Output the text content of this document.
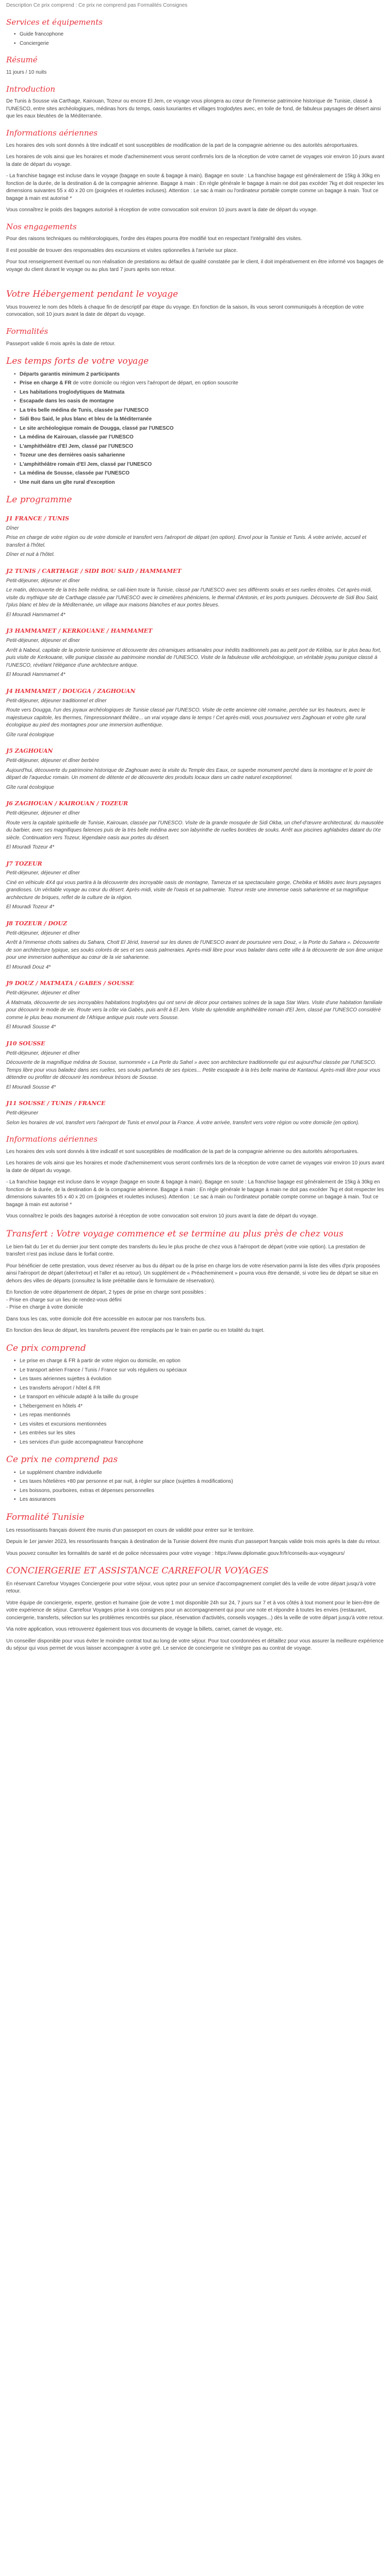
Description Ce prix comprend : Ce prix ne comprend pas Formalités Consignes

Services et équipements
• Guide francophone
• Conciergerie
Résumé

11 jours / 10 nuits

Introduction

De Tunis à Sousse via Carthage, Kairouan, Tozeur ou encore El Jem, ce voyage vous plongera au cœur de l'immense patrimoine historique de Tunisie, classé à l'UNESCO, entre sites archéologiques, médinas hors du temps, oasis luxuriantes et villages troglodytes avec, en toile de fond, de fabuleux paysages de désert ainsi que les eaux bleutées de la Méditerranée.

Informations aériennes

Les horaires des vols sont donnés à titre indicatif et sont susceptibles de modification de la part de la compagnie aérienne ou des autorités aéroportuaires.

Les horaires de vols ainsi que les horaires et mode d'acheminement vous seront confirmés lors de la réception de votre carnet de voyages voir environ 10 jours avant la date de départ du voyage.

- La franchise bagage est incluse dans le voyage (bagage en soute & bagage à main). Bagage en soute : La franchise bagage est généralement de 15kg à 30kg en fonction de la durée, de la destination & de la compagnie aérienne. Bagage à main : En règle générale le bagage à main ne doit pas excéder 7kg et doit respecter les dimensions suivantes 55 x 40 x 20 cm (poignées et roulettes incluses). Attention : Le sac à main ou l'ordinateur portable compte comme un bagage à main. Tout ce bagage à main est autorisé *

Vous connaîtrez le poids des bagages autorisé à réception de votre convocation soit environ 10 jours avant la date de départ du voyage.

Nos engagements

Pour des raisons techniques ou météorologiques, l'ordre des étapes pourra être modifié tout en respectant l'intégralité des visites.

Il est possible de trouver des responsables des excursions et visites optionnelles à l'arrivée sur place.

Pour tout renseignement éventuel ou non réalisation de prestations au défaut de qualité constatée par le client, il doit impérativement en être informé vos bagages de voyage du client durant le voyage ou au plus tard 7 jours après son retour.

Votre Hébergement pendant le voyage

Vous trouverez le nom des hôtels à chaque fin de descriptif par étape du voyage. En fonction de la saison, ils vous seront communiqués à réception de votre convocation, soit 10 jours avant la date de départ du voyage.

Formalités

Passeport valide 6 mois après la date de retour.

Les temps forts de votre voyage
• Départs garantis minimum 2 participants
• Prise en charge & FR de votre domicile ou région vers l'aéroport de départ, en option souscrite
• Les habitations troglodytiques de Matmata
• Escapade dans les oasis de montagne
• La très belle médina de Tunis, classée par l'UNESCO
• Sidi Bou Said, le plus blanc et bleu de la Méditerranée
• Le site archéologique romain de Dougga, classé par l'UNESCO
• La médina de Kairouan, classée par l'UNESCO
• L'amphithéâtre d'El Jem, classé par l'UNESCO
• Tozeur une des dernières oasis saharienne
• L'amphithéâtre romain d'El Jem, classé par l'UNESCO
• La médina de Sousse, classée par l'UNESCO
• Une nuit dans un gîte rural d'exception
Le programme
J1 FRANCE / TUNIS

Dîner

Prise en charge de votre région ou de votre domicile et transfert vers l'aéroport de départ (en option). Envol pour la Tunisie et Tunis. À votre arrivée, accueil et transfert à l'hôtel.

Dîner et nuit à l'hôtel.

J2 TUNIS / CARTHAGE / SIDI BOU SAID / HAMMAMET

Petit-déjeuner, déjeuner et dîner

Le matin, découverte de la très belle médina, se cali-bien toute la Tunisie, classé par l'UNESCO avec ses différents souks et ses ruelles étroites. Cet après-midi, visite du mythique site de Carthage classée par l'UNESCO avec le cimetières phéniciens, le thermal d'Antonin, et les ports puniques. Découverte de Sidi Bou Saïd, l'plus blanc et bleu de la Méditerranée, un village aux maisons blanches et aux portes bleues.

El Mouradi Hammamet 4*

J3 HAMMAMET / KERKOUANE / HAMMAMET

Petit-déjeuner, déjeuner et dîner

Arrêt à Nabeul, capitale de la poterie tunisienne et découverte des céramiques artisanales pour inédits traditionnels pas au petit port de Kélibia, sur le plus beau fort, puis visite de Kerkouane, ville punique classée au patrimoine mondial de l'UNESCO. Visite de la fabuleuse ville archéologique, un véritable joyau punique classé à l'UNESCO, révélant l'élégance d'une architecture antique.

El Mouradi Hammamet 4*

J4 HAMMAMET / DOUGGA / ZAGHOUAN

Petit-déjeuner, déjeuner traditionnel et dîner

Route vers Dougga, l'un des joyaux archéologiques de Tunisie classé par l'UNESCO. Visite de cette ancienne cité romaine, perchée sur les hauteurs, avec le majestueux capitole, les thermes, l'impressionnant théâtre... un vrai voyage dans le temps ! Cet après-midi, vous poursuivez vers Zaghouan et votre gîte rural écologique au pied des montagnes pour une immersion authentique.

Gîte rural écologique

J5 ZAGHOUAN

Petit-déjeuner, déjeuner et dîner berbère

Aujourd'hui, découverte du patrimoine historique de Zaghouan avec la visite du Temple des Eaux, ce superbe monument perché dans la montagne et le point de départ de l'aqueduc romain. Un moment de détente et de découverte des produits locaux dans un cadre naturel exceptionnel.

Gîte rural écologique

J6 ZAGHOUAN / KAIROUAN / TOZEUR

Petit-déjeuner, déjeuner et dîner

Route vers la capitale spirituelle de Tunisie, Kairouan, classée par l'UNESCO. Visite de la grande mosquée de Sidi Okba, un chef-d'œuvre architectural, du mausolée du barbier, avec ses magnifiques faïences puis de la très belle médina avec son labyrinthe de ruelles bordées de souks. Arrêt aux piscines aghlabides datant du IXe siècle. Continuation vers Tozeur, légendaire oasis aux portes du désert.

El Mouradi Tozeur 4*

J7 TOZEUR

Petit-déjeuner, déjeuner et dîner

Ciné en véhicule 4X4 qui vous partira à la découverte des incroyable oasis de montagne, Tamerza et sa spectaculaire gorge, Chebika et Midès avec leurs paysages grandioses. Un véritable voyage au cœur du désert. Après-midi, visite de l'oasis et sa palmeraie. Tozeur reste une immense oasis saharienne et sa magnifique architecture de briques, reflet de la culture de la région.

El Mouradi Tozeur 4*

J8 TOZEUR / DOUZ

Petit-déjeuner, déjeuner et dîner

Arrêt à l'immense chotts salines du Sahara, Chott El Jérid, traversé sur les dunes de l'UNESCO avant de poursuivre vers Douz, « la Porte du Sahara ». Découverte de son architecture typique, ses souks colorés de ses et ses oasis palmeraies. Après-midi libre pour vous balader dans cette ville à la découverte de son âme unique pour une immersion authentique au cœur de la vie saharienne.

El Mouradi Douz 4*

J9 DOUZ / MATMATA / GABES / SOUSSE

Petit-déjeuner, déjeuner et dîner

À Matmata, découverte de ses incroyables habitations troglodytes qui ont servi de décor pour certaines scènes de la saga Star Wars. Visite d'une habitation familiale pour découvrir le mode de vie. Route vers la côte via Gabès, puis arrêt à El Jem. Visite du splendide amphithéâtre romain d'El Jem, classé par l'UNESCO considéré comme le plus beau monument de l'Afrique antique puis route vers Sousse.

El Mouradi Sousse 4*

J10 SOUSSE

Petit-déjeuner, déjeuner et dîner

Découverte de la magnifique médina de Sousse, surnommée « La Perle du Sahel » avec son architecture traditionnelle qui est aujourd'hui classée par l'UNESCO. Temps libre pour vous baladez dans ses ruelles, ses souks parfumés de ses épices... Petite escapade à la très belle marina de Kantaoui. Après-midi libre pour vous détendre ou profiter de découvrir les nombreux trésors de Sousse.

El Mouradi Sousse 4*

J11 SOUSSE / TUNIS / FRANCE

Petit-déjeuner

Selon les horaires de vol, transfert vers l'aéroport de Tunis et envol pour la France. À votre arrivée, transfert vers votre région ou votre domicile (en option).

Informations aériennes

Les horaires des vols sont donnés à titre indicatif et sont susceptibles de modification de la part de la compagnie aérienne ou des autorités aéroportuaires.

Les horaires de vols ainsi que les horaires et mode d'acheminement vous seront confirmés lors de la réception de votre carnet de voyages voir environ 10 jours avant la date de départ du voyage.

- La franchise bagage est incluse dans le voyage (bagage en soute & bagage à main). Bagage en soute : La franchise bagage est généralement de 15kg à 30kg en fonction de la durée, de la destination & de la compagnie aérienne. Bagage à main : En règle générale le bagage à main ne doit pas excéder 7kg et doit respecter les dimensions suivantes 55 x 40 x 20 cm (poignées et roulettes incluses). Attention : Le sac à main ou l'ordinateur portable compte comme un bagage à main. Tout ce bagage à main est autorisé *

Vous connaîtrez le poids des bagages autorisé à réception de votre convocation soit environ 10 jours avant la date de départ du voyage.

Transfert : Votre voyage commence et se termine au plus près de chez vous

Le bien-fait du 1er et du dernier jour tient compte des transferts du lieu le plus proche de chez vous à l'aéroport de départ (votre voie option). La prestation de transfert n'est pas incluse dans le forfait contre.

Pour bénéficier de cette prestation, vous devez réserver au bus du départ ou de la prise en charge lors de votre réservation parmi la liste des villes d'prix proposées ainsi l'aéroport de départ (aller/retour) et l'aller et au retour). Un supplément de « Préacheminement » pourra vous être demandé, si votre lieu de départ se situe en dehors des villes de départs (consultez la liste préétablie dans le formulaire de réservation).

En fonction de votre département de départ, 2 types de prise en charge sont possibles :
- Prise en charge sur un lieu de rendez-vous défini
- Prise en charge à votre domicile

Dans tous les cas, votre domicile doit être accessible en autocar par nos transferts bus.

En fonction des lieux de départ, les transferts peuvent être remplacés par le train en partie ou en totalité du trajet.

Ce prix comprend
• Le prise en charge & FR à partir de votre région ou domicile, en option
• Le transport aérien France / Tunis / France sur vols réguliers ou spéciaux
• Les taxes aériennes sujettes à évolution
• Les transferts aéroport / hôtel & FR
• Le transport en véhicule adapté à la taille du groupe
• L'hébergement en hôtels 4*
• Les repas mentionnés
• Les visites et excursions mentionnées
• Les entrées sur les sites
• Les services d'un guide accompagnateur francophone
Ce prix ne comprend pas
• Le supplément chambre individuelle
• Les taxes hôtelières +80 par personne et par nuit, à régler sur place (sujettes à modifications)
• Les boissons, pourboires, extras et dépenses personnelles
• Les assurances
Formalité Tunisie

Les ressortissants français doivent être munis d'un passeport en cours de validité pour entrer sur le territoire.

Depuis le 1er janvier 2023, les ressortissants français à destination de la Tunisie doivent être munis d'un passeport français valide trois mois après la date du retour.

Vous pouvez consulter les formalités de santé et de police nécessaires pour votre voyage : https://www.diplomatie.gouv.fr/fr/conseils-aux-voyageurs/

CONCIERGERIE ET ASSISTANCE CARREFOUR VOYAGES

En réservant Carrefour Voyages Conciergerie pour votre séjour, vous optez pour un service d'accompagnement complet dès la veille de votre départ jusqu'à votre retour.

Votre équipe de conciergerie, experte, gestion et humaine (joie de votre 1 mot disponible 24h sur 24, 7 jours sur 7 et à vos côtés à tout moment pour le bien-être de votre expérience de séjour. Carrefour Voyages prise à vos consignes pour un accompagnement qui pour une note et répondre à toutes les envies (restaurant, conciergerie, transferts, sélection sur les problèmes rencontrés sur place, réservation d'activités, conseils voyages...) dès la veille de votre départ jusqu'à votre retour.

Via notre application, vous retrouverez également tous vos documents de voyage la billets, carnet, carnet de voyage, etc.

Un conseiller disponible pour vous éviter le moindre contrat tout au long de votre séjour. Pour tout coordonnées et détaillez pour vous assurer la meilleure expérience du séjour qui vous permet de vous laisser accompagner à votre gré. Le service de conciergerie ne s'intègre pas au contrat de voyage.
